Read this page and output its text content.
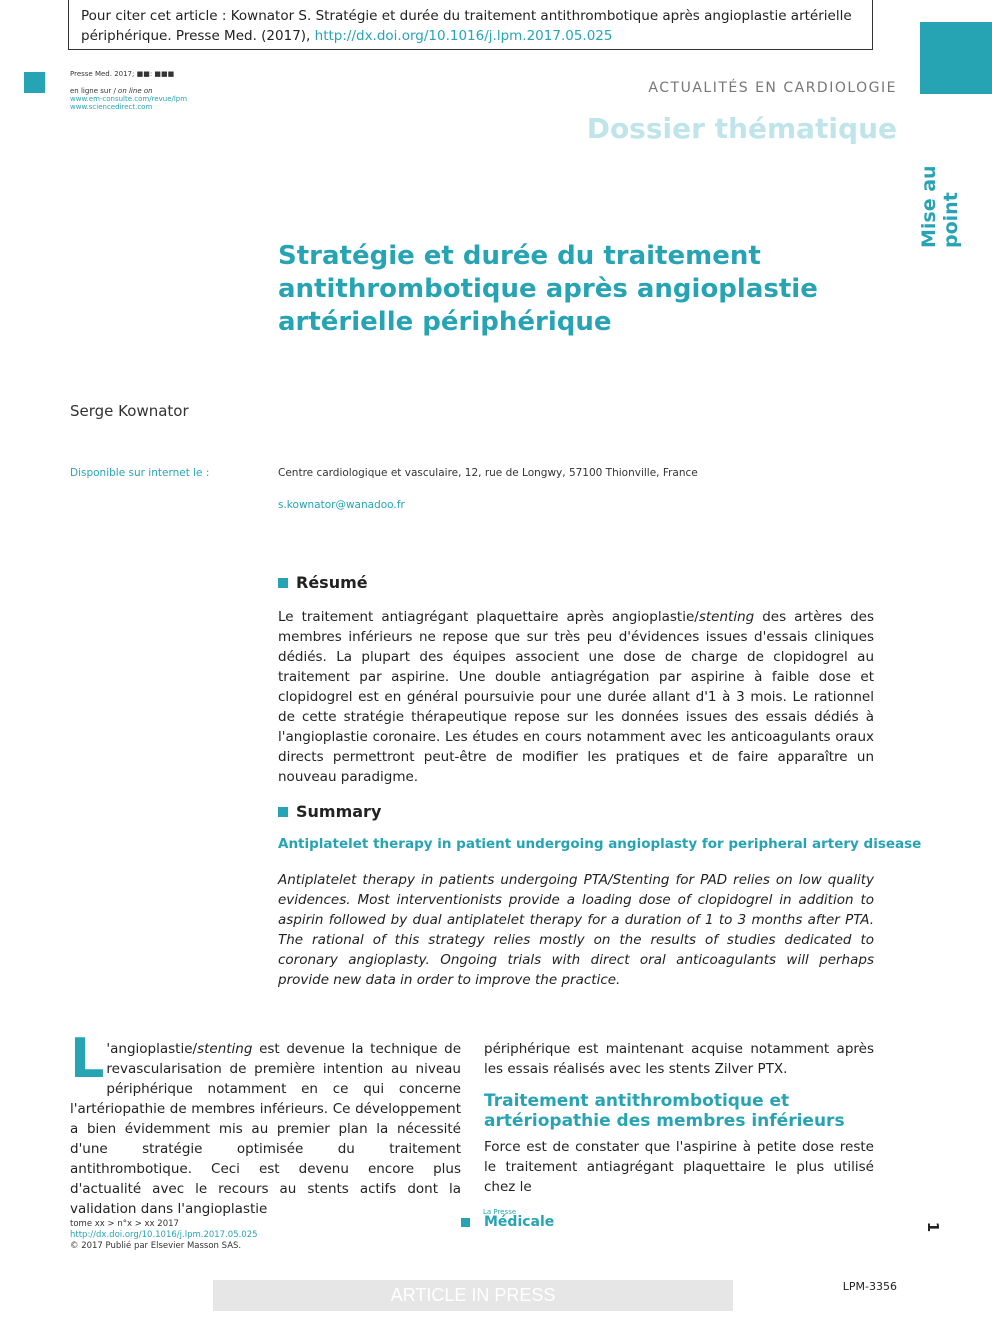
Pour citer cet article : Kownator S. Stratégie et durée du traitement antithrombotique après angioplastie artérielle périphérique. Presse Med. (2017), http://dx.doi.org/10.1016/j.lpm.2017.05.025
Presse Med. 2017; ■■: ■■■
en ligne sur / on line on
www.em-consulte.com/revue/lpm
www.sciencedirect.com
ACTUALITÉS EN CARDIOLOGIE
Dossier thématique
Mise au point
Stratégie et durée du traitement antithrombotique après angioplastie artérielle périphérique
Serge Kownator
Disponible sur internet le :	Centre cardiologique et vasculaire, 12, rue de Longwy, 57100 Thionville, France
s.kownator@wanadoo.fr
Résumé
Le traitement antiagrégant plaquettaire après angioplastie/stenting des artères des membres inférieurs ne repose que sur très peu d'évidences issues d'essais cliniques dédiés. La plupart des équipes associent une dose de charge de clopidogrel au traitement par aspirine. Une double antiagrégation par aspirine à faible dose et clopidogrel est en général poursuivie pour une durée allant d'1 à 3 mois. Le rationnel de cette stratégie thérapeutique repose sur les données issues des essais dédiés à l'angioplastie coronaire. Les études en cours notamment avec les anticoagulants oraux directs permettront peut-être de modifier les pratiques et de faire apparaître un nouveau paradigme.
Summary
Antiplatelet therapy in patient undergoing angioplasty for peripheral artery disease
Antiplatelet therapy in patients undergoing PTA/Stenting for PAD relies on low quality evidences. Most interventionists provide a loading dose of clopidogrel in addition to aspirin followed by dual antiplatelet therapy for a duration of 1 to 3 months after PTA. The rational of this strategy relies mostly on the results of studies dedicated to coronary angioplasty. Ongoing trials with direct oral anticoagulants will perhaps provide new data in order to improve the practice.
L 'angioplastie/stenting est devenue la technique de revascularisation de première intention au niveau périphérique notamment en ce qui concerne l'artériopathie de membres inférieurs. Ce développement a bien évidemment mis au premier plan la nécessité d'une stratégie optimisée du traitement antithrombotique. Ceci est devenu encore plus d'actualité avec le recours au stents actifs dont la validation dans l'angioplastie
périphérique est maintenant acquise notamment après les essais réalisés avec les stents Zilver PTX.
Traitement antithrombotique et artériopathie des membres inférieurs
Force est de constater que l'aspirine à petite dose reste le traitement antiagrégant plaquettaire le plus utilisé chez le
tome xx > n°x > xx 2017
http://dx.doi.org/10.1016/j.lpm.2017.05.025
© 2017 Publié par Elsevier Masson SAS.
La Presse
Médicale	1
ARTICLE IN PRESS	LPM-3356
